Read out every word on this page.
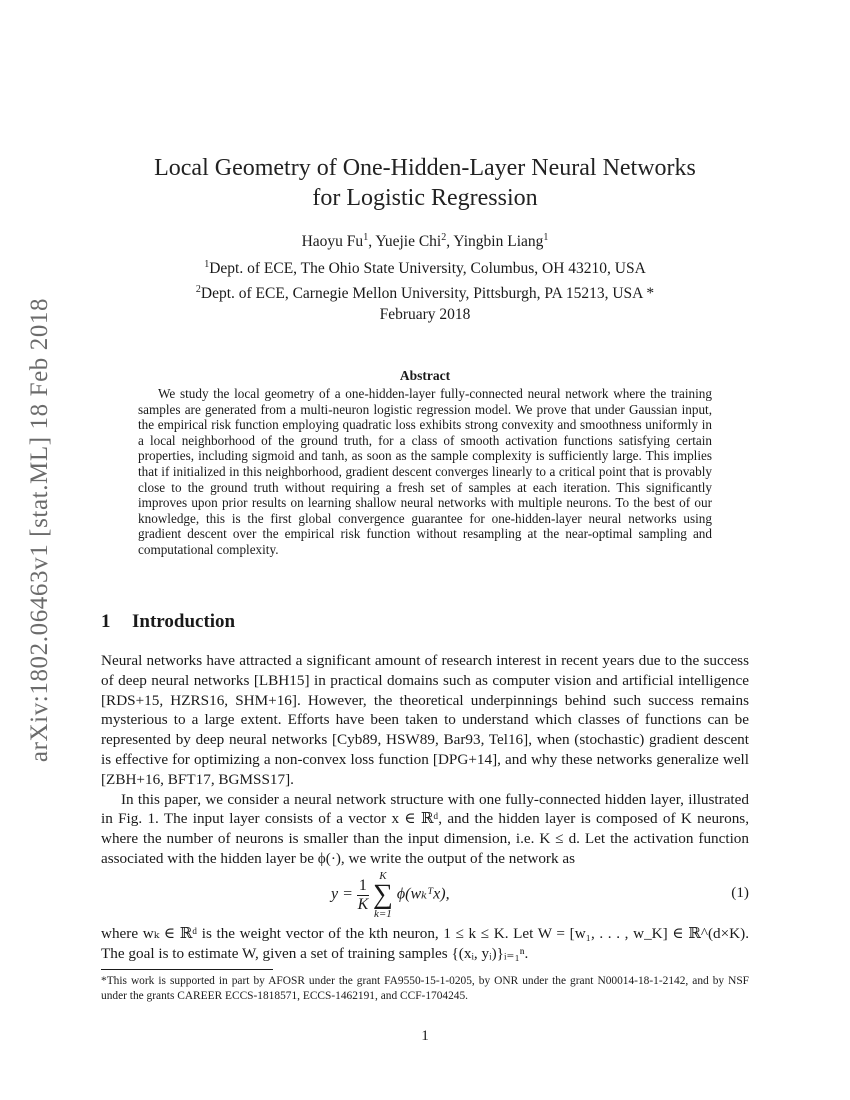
arXiv:1802.06463v1 [stat.ML] 18 Feb 2018
Local Geometry of One-Hidden-Layer Neural Networks
for Logistic Regression
Haoyu Fu$^1$, Yuejie Chi$^2$, Yingbin Liang$^1$
$^1$Dept. of ECE, The Ohio State University, Columbus, OH 43210, USA
$^2$Dept. of ECE, Carnegie Mellon University, Pittsburgh, PA 15213, USA *
February 2018
Abstract

We study the local geometry of a one-hidden-layer fully-connected neural network where the training samples are generated from a multi-neuron logistic regression model. We prove that under Gaussian input, the empirical risk function employing quadratic loss exhibits strong convexity and smoothness uniformly in a local neighborhood of the ground truth, for a class of smooth activation functions satisfying certain properties, including sigmoid and tanh, as soon as the sample complexity is sufficiently large. This implies that if initialized in this neighborhood, gradient descent converges linearly to a critical point that is provably close to the ground truth without requiring a fresh set of samples at each iteration. This significantly improves upon prior results on learning shallow neural networks with multiple neurons. To the best of our knowledge, this is the first global convergence guarantee for one-hidden-layer neural networks using gradient descent over the empirical risk function without resampling at the near-optimal sampling and computational complexity.

1 Introduction

Neural networks have attracted a significant amount of research interest in recent years due to the success of deep neural networks [LBH15] in practical domains such as computer vision and artificial intelligence [RDS+15, HZRS16, SHM+16]. However, the theoretical underpinnings behind such success remains mysterious to a large extent. Efforts have been taken to understand which classes of functions can be represented by deep neural networks [Cyb89, HSW89, Bar93, Tel16], when (stochastic) gradient descent is effective for optimizing a non-convex loss function [DPG+14], and why these networks generalize well [ZBH+16, BFT17, BGMSS17].

In this paper, we consider a neural network structure with one fully-connected hidden layer, illustrated in Fig. 1. The input layer consists of a vector x ∈ ℝᵈ, and the hidden layer is composed of K neurons, where the number of neurons is smaller than the input dimension, i.e. K ≤ d. Let the activation function associated with the hidden layer be ϕ(·), we write the output of the network as

$y = \frac{1}{K}$

K
∑
k=1
ϕ(wₖᵀx),	(1)

where wₖ ∈ ℝᵈ is the weight vector of the kth neuron, 1 ≤ k ≤ K. Let W = [w₁, . . . , w_K] ∈ ℝ^(d×K). The goal is to estimate W, given a set of training samples {(xᵢ, yᵢ)}ᵢ₌₁ⁿ.

*This work is supported in part by AFOSR under the grant FA9550-15-1-0205, by ONR under the grant N00014-18-1-2142, and by NSF under the grants CAREER ECCS-1818571, ECCS-1462191, and CCF-1704245.
1
